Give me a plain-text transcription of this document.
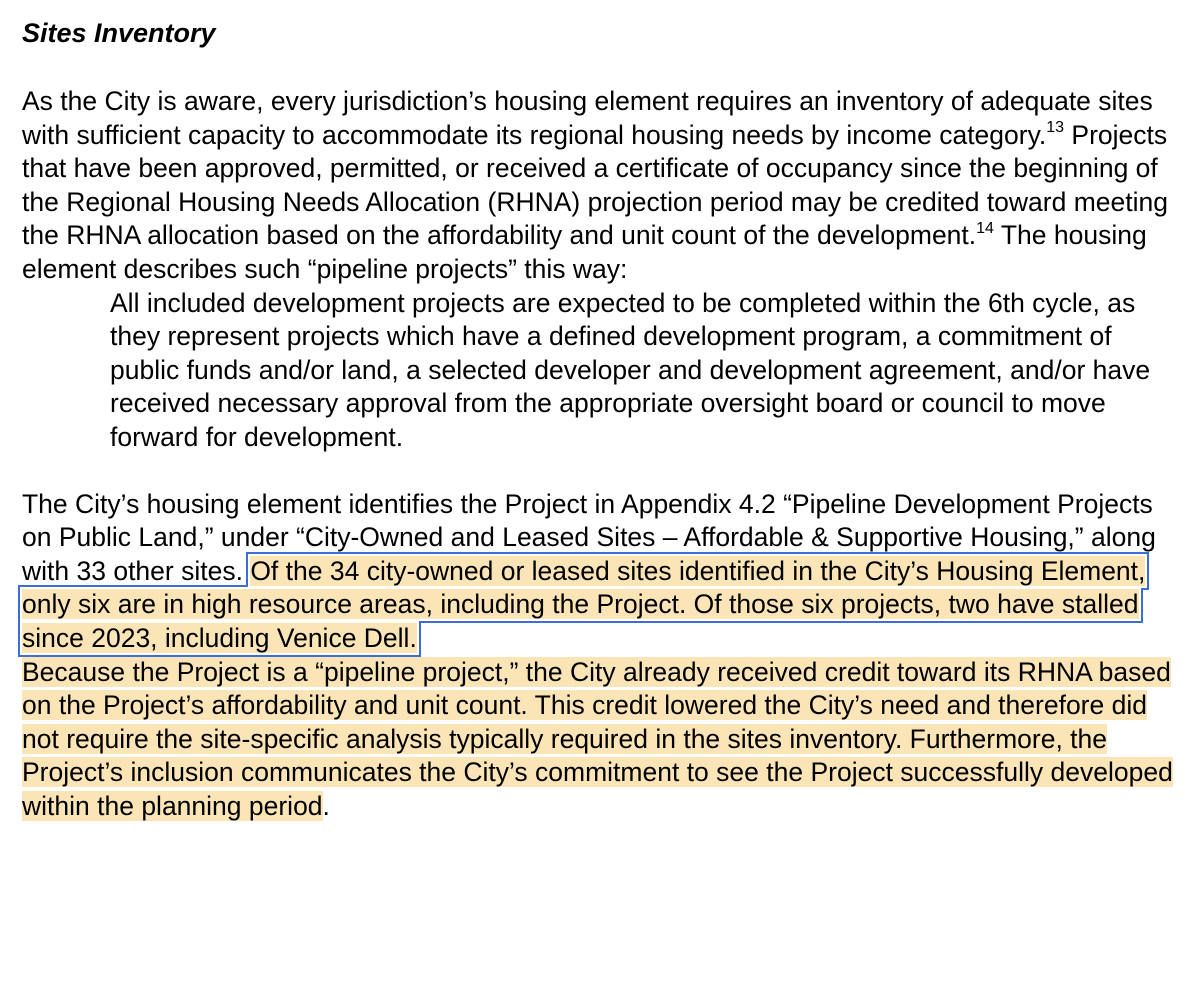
Sites Inventory

As the City is aware, every jurisdiction’s housing element requires an inventory of adequate sites with sufficient capacity to accommodate its regional housing needs by income category.$^{13}$ Projects that have been approved, permitted, or received a certificate of occupancy since the beginning of the Regional Housing Needs Allocation (RHNA) projection period may be credited toward meeting the RHNA allocation based on the affordability and unit count of the development.$^{14}$ The housing element describes such “pipeline projects” this way:

All included development projects are expected to be completed within the 6th cycle, as they represent projects which have a defined development program, a commitment of public funds and/or land, a selected developer and development agreement, and/or have received necessary approval from the appropriate oversight board or council to move forward for development.

The City’s housing element identifies the Project in Appendix 4.2 “Pipeline Development Projects on Public Land,” under “City-Owned and Leased Sites – Affordable & Supportive Housing,” along with 33 other sites. Of the 34 city-owned or leased sites identified in the City’s Housing Element, only six are in high resource areas, including the Project. Of those six projects, two have stalled since 2023, including Venice Dell.

Because the Project is a “pipeline project,” the City already received credit toward its RHNA based on the Project’s affordability and unit count. This credit lowered the City’s need and therefore did not require the site-specific analysis typically required in the sites inventory. Furthermore, the Project’s inclusion communicates the City’s commitment to see the Project successfully developed within the planning period.
